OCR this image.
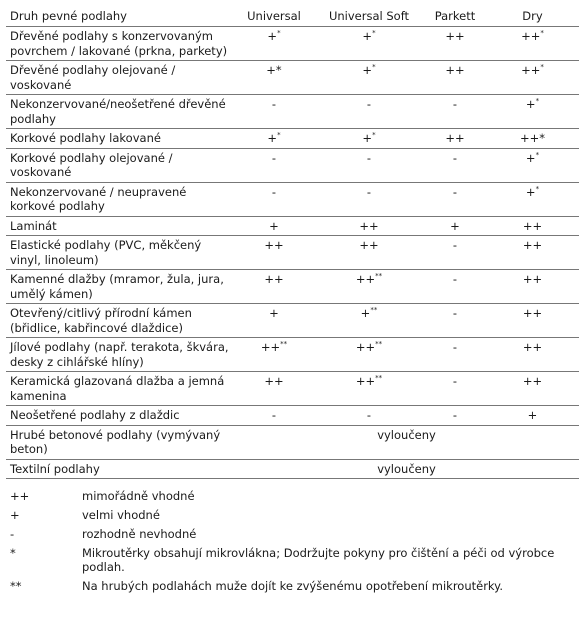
Druh pevné podlahy	Universal	Universal Soft	Parkett	Dry
Dřevěné podlahy s konzervovaným povrchem / lakované (prkna, parkety)	+*	+*	++	++*
Dřevěné podlahy olejované / voskované	+*	+*	++	++*
Nekonzervované/neošetřené dřevěné podlahy	-	-	-	+*
Korkové podlahy lakované	+*	+*	++	++*
Korkové podlahy olejované / voskované	-	-	-	+*
Nekonzervované / neupravené korkové podlahy	-	-	-	+*
Laminát	+	++	+	++
Elastické podlahy (PVC, měkčený vinyl, linoleum)	++	++	-	++
Kamenné dlažby (mramor, žula, jura, umělý kámen)	++	++**	-	++
Otevřený/citlivý přírodní kámen (břidlice, kabřincové dlaždice)	+	+**	-	++
Jílové podlahy (např. terakota, škvára, desky z cihlářské hlíny)	++**	++**	-	++
Keramická glazovaná dlažba a jemná kamenina	++	++**	-	++
Neošetřené podlahy z dlaždic	-	-	-	+
Hrubé betonové podlahy (vymývaný beton)	vyloučeny			
Textilní podlahy	vyloučeny			
++	mimořádně vhodné
+	velmi vhodné
-	rozhodně nevhodné
*	Mikroutěrky obsahují mikrovlákna; Dodržujte pokyny pro čištění a péči od výrobce podlah.
**	Na hrubých podlahách muže dojít ke zvýšenému opotřebení mikroutěrky.
